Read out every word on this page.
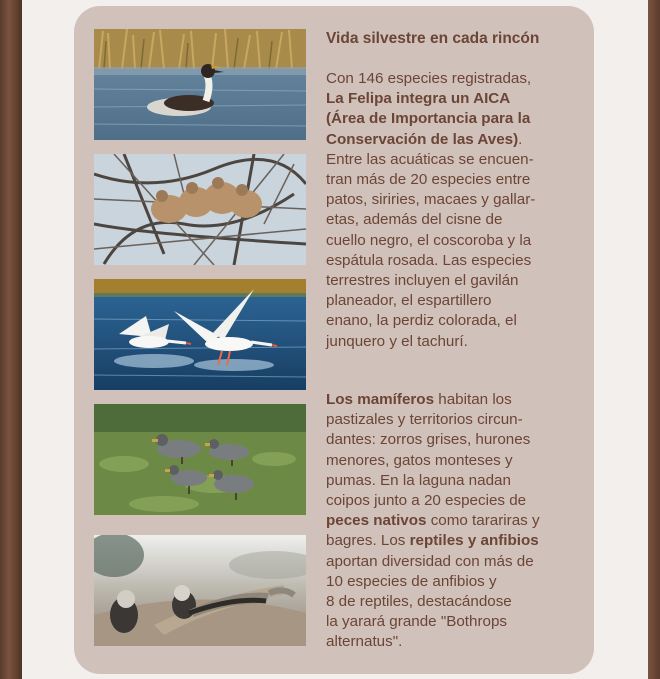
Vida silvestre en cada rincón
Con 146 especies registradas,
La Felipa integra un AICA
(Área de Importancia para la
Conservación de las Aves).
Entre las acuáticas se encuen-
tran más de 20 especies entre
patos, siriries, macaes y gallar-
etas, además del cisne de
cuello negro, el coscoroba y la
espátula rosada. Las especies
terrestres incluyen el gavilán
planeador, el espartillero
enano, la perdiz colorada, el
junquero y el tachurí.
Los mamíferos habitan los
pastizales y territorios circun-
dantes: zorros grises, hurones
menores, gatos monteses y
pumas. En la laguna nadan
coipos junto a 20 especies de
peces nativos como tarariras y
bagres. Los reptiles y anfibios
aportan diversidad con más de
10 especies de anfibios y
8 de reptiles, destacándose
la yarará grande "Bothrops
alternatus".
